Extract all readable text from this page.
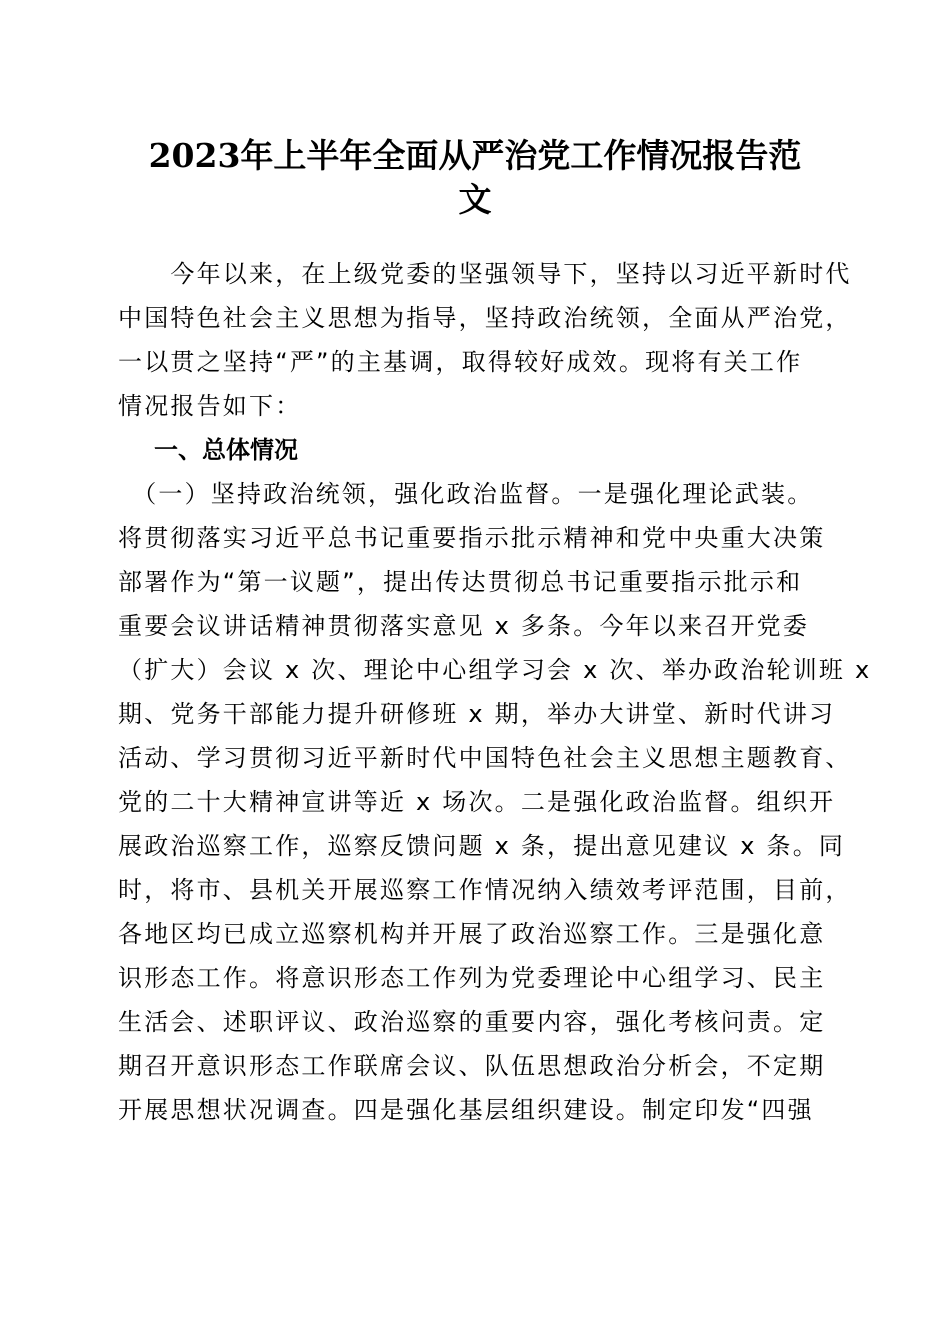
2023年上半年全面从严治党工作情况报告范
文
　　今年以来，在上级党委的坚强领导下，坚持以习近平新时代
中国特色社会主义思想为指导，坚持政治统领，全面从严治党，
一以贯之坚持“严”的主基调，取得较好成效。现将有关工作
情况报告如下：
一、总体情况
　（一）坚持政治统领，强化政治监督。一是强化理论武装。
将贯彻落实习近平总书记重要指示批示精神和党中央重大决策
部署作为“第一议题”，提出传达贯彻总书记重要指示批示和
重要会议讲话精神贯彻落实意见 x 多条。今年以来召开党委
（扩大）会议 x 次、理论中心组学习会 x 次、举办政治轮训班 x
期、党务干部能力提升研修班 x 期，举办大讲堂、新时代讲习
活动、学习贯彻习近平新时代中国特色社会主义思想主题教育、
党的二十大精神宣讲等近 x 场次。二是强化政治监督。组织开
展政治巡察工作，巡察反馈问题 x 条，提出意见建议 x 条。同
时，将市、县机关开展巡察工作情况纳入绩效考评范围，目前，
各地区均已成立巡察机构并开展了政治巡察工作。三是强化意
识形态工作。将意识形态工作列为党委理论中心组学习、民主
生活会、述职评议、政治巡察的重要内容，强化考核问责。定
期召开意识形态工作联席会议、队伍思想政治分析会，不定期
开展思想状况调查。四是强化基层组织建设。制定印发“四强
